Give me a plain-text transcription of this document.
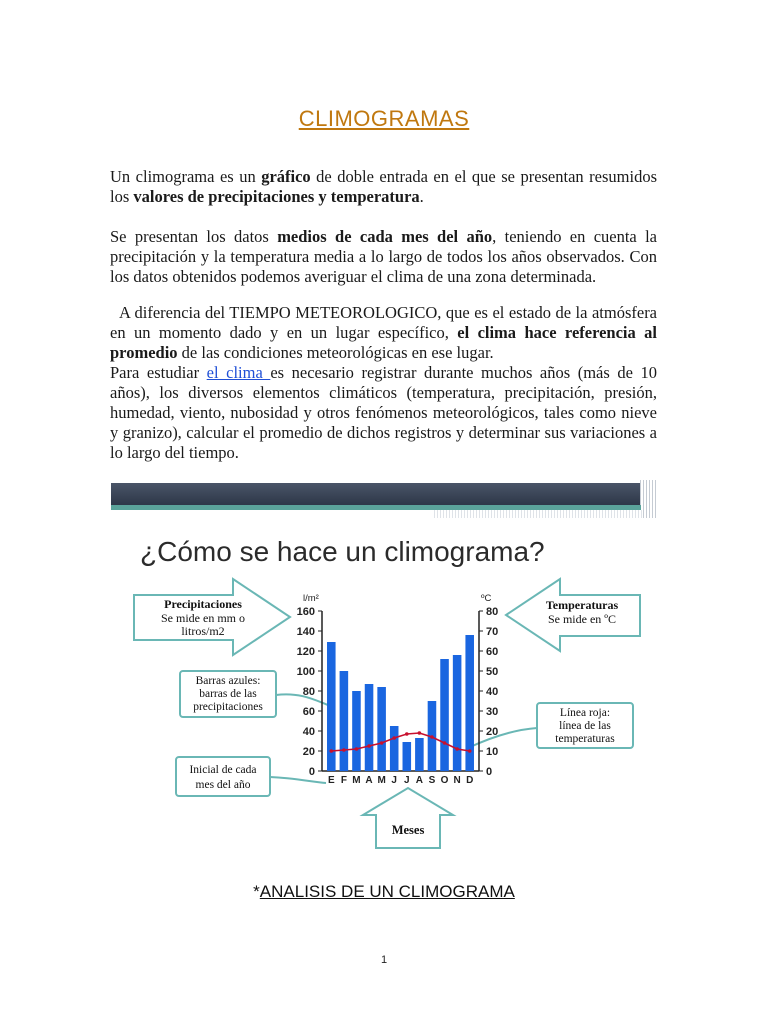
CLIMOGRAMAS
Un climograma es un gráfico de doble entrada en el que se presentan resumidos los valores de precipitaciones y temperatura.
Se presentan los datos medios de cada mes del año, teniendo en cuenta la precipitación y la temperatura media a lo largo de todos los años observados. Con los datos obtenidos podemos averiguar el clima de una zona determinada.
A diferencia del TIEMPO METEOROLOGICO, que es el estado de la atmósfera en un momento dado y en un lugar específico, el clima hace referencia al promedio de las condiciones meteorológicas en ese lugar.
Para estudiar el clima es necesario registrar durante muchos años (más de 10 años), los diversos elementos climáticos (temperatura, precipitación, presión, humedad, viento, nubosidad y otros fenómenos meteorológicos, tales como nieve y granizo), calcular el promedio de dichos registros y determinar sus variaciones a lo largo del tiempo.
¿Cómo se hace un climograma?
Precipitaciones
Se mide en mm o
litros/m2
Temperaturas
Se mide en ºC
Barras azules:
barras de las
precipitaciones	Línea roja:
línea de las
temperaturas
Inicial de cada
mes del año
Meses
l/m²	ºC
0
20
40
60
80
100
120
140
160
0
10
20
30
40
50
60
70
80
E F M A M J J A S O N D
*ANALISIS DE UN CLIMOGRAMA
1
